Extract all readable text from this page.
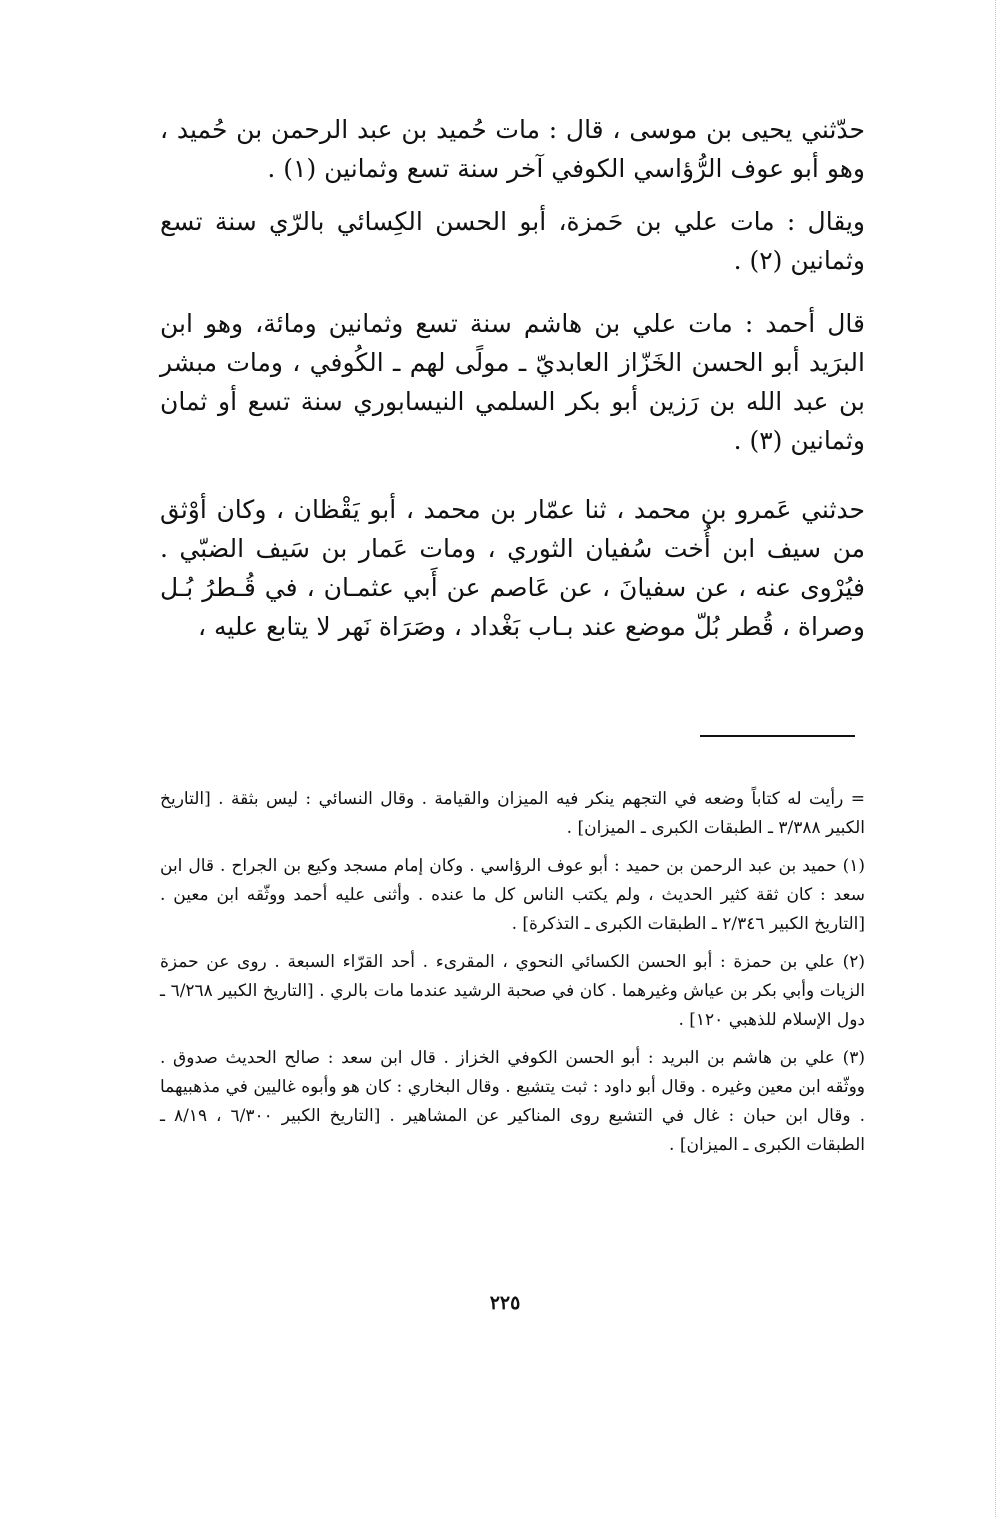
حدّثني يحيى بن موسى ، قال : مات حُميد بن عبد الرحمن بن حُميد ، وهو أبو عوف الرُّؤاسي الكوفي آخر سنة تسع وثمانين (١) .

ويقال : مات علي بن حَمزة، أبو الحسن الكِسائي بالرّي سنة تسع وثمانين (٢) .

قال أحمد : مات علي بن هاشم سنة تسع وثمانين ومائة، وهو ابن البرَيد أبو الحسن الخَزّاز العابديّ ـ مولًى لهم ـ الكُوفي ، ومات مبشر بن عبد الله بن رَزين أبو بكر السلمي النيسابوري سنة تسع أو ثمان وثمانين (٣) .

حدثني عَمرو بن محمد ، ثنا عمّار بن محمد ، أبو يَقْظان ، وكان أوْثق من سيف ابن أُخت سُفيان الثوري ، ومات عَمار بن سَيف الضبّي . فيُرْوى عنه ، عن سفيانَ ، عن عَاصم عن أَبي عثمـان ، في قُـطرُ بُـل وصراة ، قُطر بُلّ موضع عند بـاب بَغْداد ، وصَرَاة نَهر لا يتابع عليه ،

= رأيت له كتاباً وضعه في التجهم ينكر فيه الميزان والقيامة . وقال النسائي : ليس بثقة . [التاريخ الكبير ٣/٣٨٨ ـ الطبقات الكبرى ـ الميزان] .

(١) حميد بن عبد الرحمن بن حميد : أبو عوف الرؤاسي . وكان إمام مسجد وكيع بن الجراح . قال ابن سعد : كان ثقة كثير الحديث ، ولم يكتب الناس كل ما عنده . وأثنى عليه أحمد ووثّقه ابن معين . [التاريخ الكبير ٢/٣٤٦ ـ الطبقات الكبرى ـ التذكرة] .

(٢) علي بن حمزة : أبو الحسن الكسائي النحوي ، المقرىء . أحد القرّاء السبعة . روى عن حمزة الزيات وأبي بكر بن عياش وغيرهما . كان في صحبة الرشيد عندما مات بالري . [التاريخ الكبير ٦/٢٦٨ ـ دول الإسلام للذهبي ١٢٠] .

(٣) علي بن هاشم بن البريد : أبو الحسن الكوفي الخزاز . قال ابن سعد : صالح الحديث صدوق . ووثّقه ابن معين وغيره . وقال أبو داود : ثبت يتشيع . وقال البخاري : كان هو وأبوه غاليين في مذهبيهما . وقال ابن حبان : غال في التشيع روى المناكير عن المشاهير . [التاريخ الكبير ٦/٣٠٠ ، ٨/١٩ ـ الطبقات الكبرى ـ الميزان] .

٢٢٥
